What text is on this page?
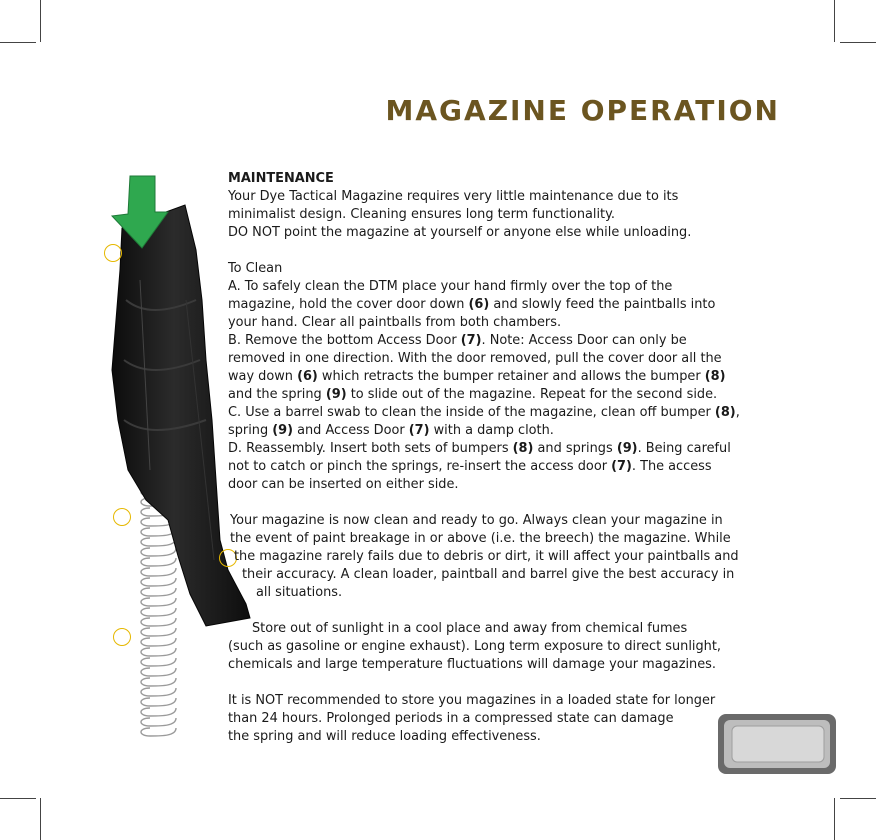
MAGAZINE OPERATION
MAINTENANCE
Your Dye Tactical Magazine requires very little maintenance due to its
minimalist design. Cleaning ensures long term functionality.
DO NOT point the magazine at yourself or anyone else while unloading.
To Clean
A. To safely clean the DTM place your hand firmly over the top of the
magazine, hold the cover door down (6) and slowly feed the paintballs into
your hand. Clear all paintballs from both chambers.
B. Remove the bottom Access Door (7). Note: Access Door can only be
removed in one direction. With the door removed, pull the cover door all the
way down (6) which retracts the bumper retainer and allows the bumper (8)
and the spring (9) to slide out of the magazine. Repeat for the second side.
C. Use a barrel swab to clean the inside of the magazine, clean off bumper (8),
spring (9) and Access Door (7) with a damp cloth.
D. Reassembly. Insert both sets of bumpers (8) and springs (9). Being careful
not to catch or pinch the springs, re-insert the access door (7). The access
door can be inserted on either side.
Your magazine is now clean and ready to go. Always clean your magazine in
the event of paint breakage in or above (i.e. the breech) the magazine. While
the magazine rarely fails due to debris or dirt, it will affect your paintballs and
their accuracy. A clean loader, paintball and barrel give the best accuracy in
all situations.
Store out of sunlight in a cool place and away from chemical fumes
(such as gasoline or engine exhaust). Long term exposure to direct sunlight,
chemicals and large temperature fluctuations will damage your magazines.
It is NOT recommended to store you magazines in a loaded state for longer
than 24 hours. Prolonged periods in a compressed state can damage
the spring and will reduce loading effectiveness.
